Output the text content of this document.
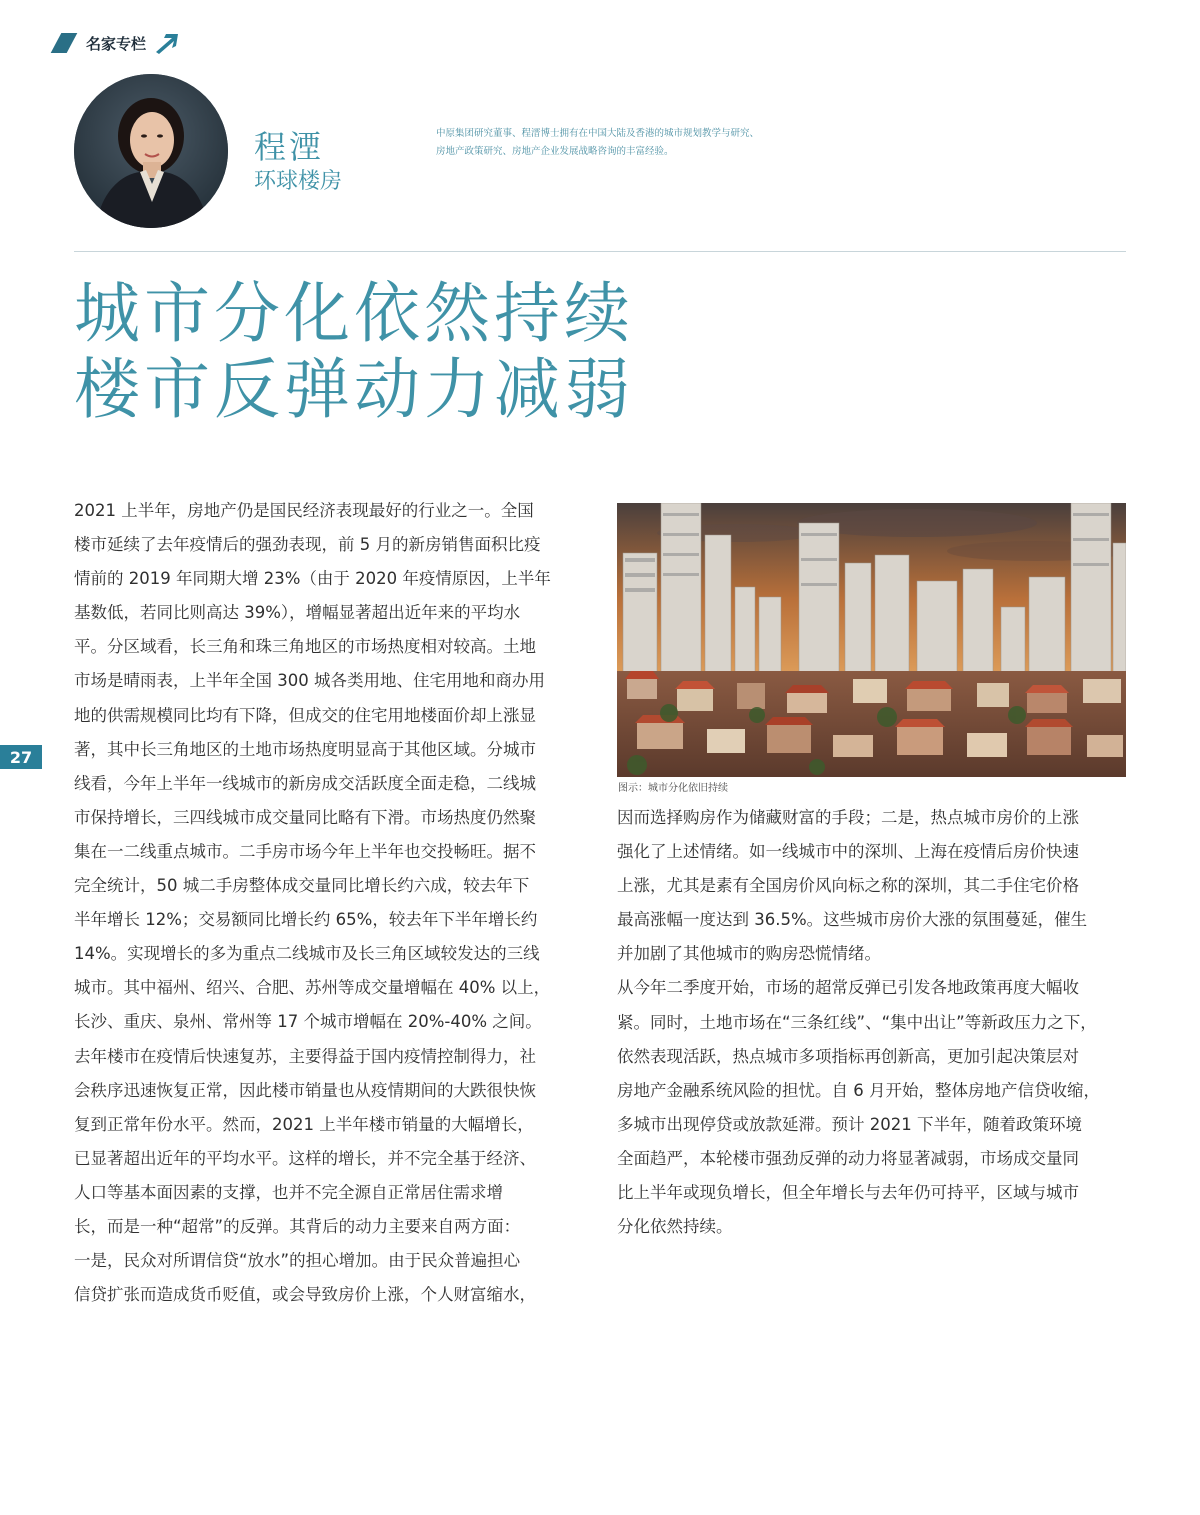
名家专栏
程湮
环球楼房
中原集团研究董事、程溍博士拥有在中国大陆及香港的城市规划教学与研究、
房地产政策研究、房地产企业发展战略咨询的丰富经验。
城市分化依然持续
楼市反弹动力减弱
27
2021 上半年，房地产仍是国民经济表现最好的行业之一。全国
楼市延续了去年疫情后的强劲表现，前 5 月的新房销售面积比疫
情前的 2019 年同期大增 23%（由于 2020 年疫情原因，上半年
基数低，若同比则高达 39%），增幅显著超出近年来的平均水
平。分区域看，长三角和珠三角地区的市场热度相对较高。土地
市场是晴雨表，上半年全国 300 城各类用地、住宅用地和商办用
地的供需规模同比均有下降，但成交的住宅用地楼面价却上涨显
著，其中长三角地区的土地市场热度明显高于其他区域。分城市
线看，今年上半年一线城市的新房成交活跃度全面走稳，二线城
市保持增长，三四线城市成交量同比略有下滑。市场热度仍然聚
集在一二线重点城市。二手房市场今年上半年也交投畅旺。据不
完全统计，50 城二手房整体成交量同比增长约六成，较去年下
半年增长 12%；交易额同比增长约 65%，较去年下半年增长约
14%。实现增长的多为重点二线城市及长三角区域较发达的三线
城市。其中福州、绍兴、合肥、苏州等成交量增幅在 40% 以上，
长沙、重庆、泉州、常州等 17 个城市增幅在 20%-40% 之间。
去年楼市在疫情后快速复苏，主要得益于国内疫情控制得力，社
会秩序迅速恢复正常，因此楼市销量也从疫情期间的大跌很快恢
复到正常年份水平。然而，2021 上半年楼市销量的大幅增长，
已显著超出近年的平均水平。这样的增长，并不完全基于经济、
人口等基本面因素的支撑，也并不完全源自正常居住需求增
长，而是一种“超常”的反弹。其背后的动力主要来自两方面：
一是，民众对所谓信贷“放水”的担心增加。由于民众普遍担心
信贷扩张而造成货币贬值，或会导致房价上涨，个人财富缩水，
图示：城市分化依旧持续
因而选择购房作为储藏财富的手段；二是，热点城市房价的上涨
强化了上述情绪。如一线城市中的深圳、上海在疫情后房价快速
上涨，尤其是素有全国房价风向标之称的深圳，其二手住宅价格
最高涨幅一度达到 36.5%。这些城市房价大涨的氛围蔓延，催生
并加剧了其他城市的购房恐慌情绪。
从今年二季度开始，市场的超常反弹已引发各地政策再度大幅收
紧。同时，土地市场在“三条红线”、“集中出让”等新政压力之下，
依然表现活跃，热点城市多项指标再创新高，更加引起决策层对
房地产金融系统风险的担忧。自 6 月开始，整体房地产信贷收缩，
多城市出现停贷或放款延滞。预计 2021 下半年，随着政策环境
全面趋严，本轮楼市强劲反弹的动力将显著减弱，市场成交量同
比上半年或现负增长，但全年增长与去年仍可持平，区域与城市
分化依然持续。
